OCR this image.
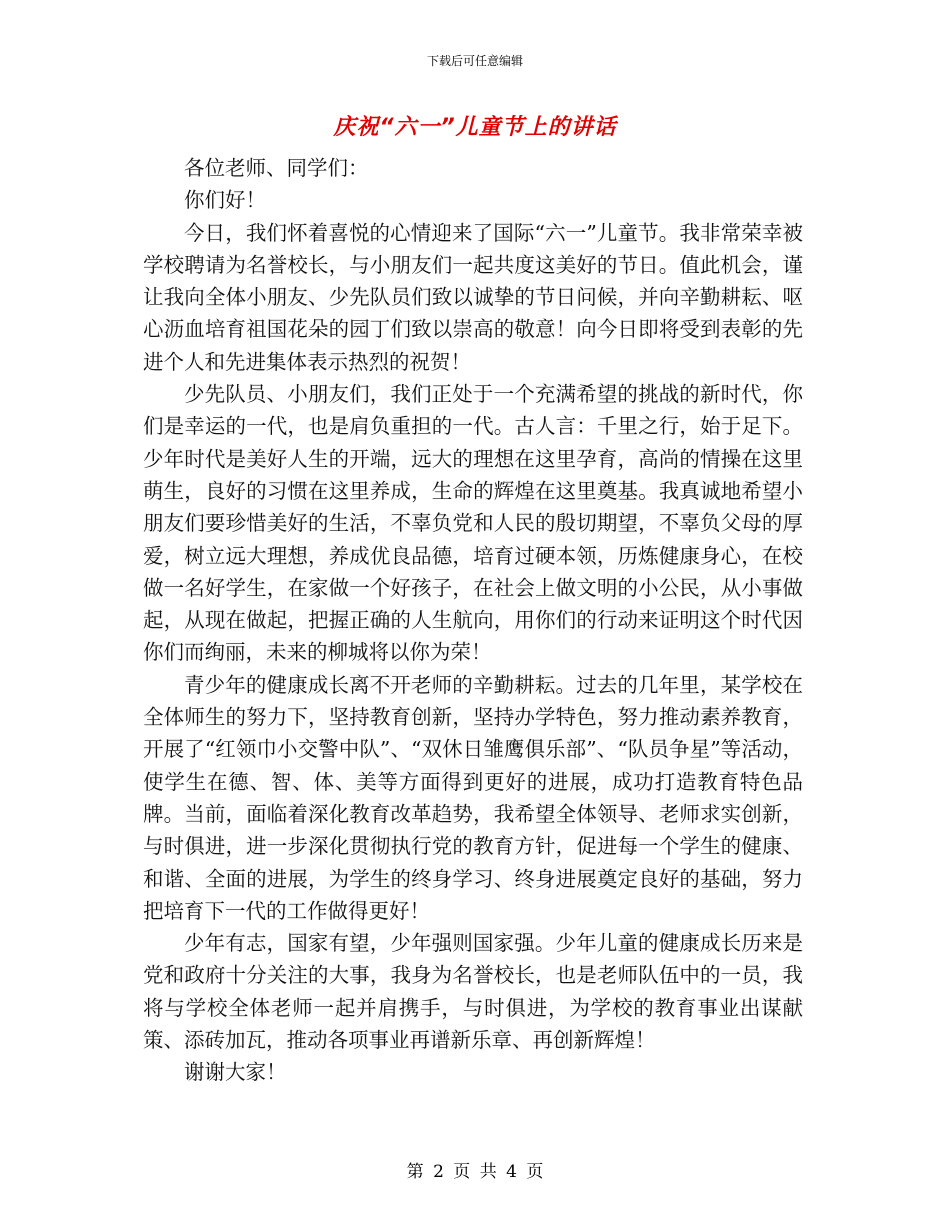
下载后可任意编辑
庆祝“六一”儿童节上的讲话

各位老师、同学们：

你们好！

今日，我们怀着喜悦的心情迎来了国际“六一”儿童节。我非常荣幸被学校聘请为名誉校长，与小朋友们一起共度这美好的节日。值此机会，谨让我向全体小朋友、少先队员们致以诚挚的节日问候，并向辛勤耕耘、呕心沥血培育祖国花朵的园丁们致以崇高的敬意！向今日即将受到表彰的先进个人和先进集体表示热烈的祝贺！

少先队员、小朋友们，我们正处于一个充满希望的挑战的新时代，你们是幸运的一代，也是肩负重担的一代。古人言：千里之行，始于足下。少年时代是美好人生的开端，远大的理想在这里孕育，高尚的情操在这里萌生，良好的习惯在这里养成，生命的辉煌在这里奠基。我真诚地希望小朋友们要珍惜美好的生活，不辜负党和人民的殷切期望，不辜负父母的厚爱，树立远大理想，养成优良品德，培育过硬本领，历炼健康身心，在校做一名好学生，在家做一个好孩子，在社会上做文明的小公民，从小事做起，从现在做起，把握正确的人生航向，用你们的行动来证明这个时代因你们而绚丽，未来的柳城将以你为荣！

青少年的健康成长离不开老师的辛勤耕耘。过去的几年里，某学校在全体师生的努力下，坚持教育创新，坚持办学特色，努力推动素养教育，开展了“红领巾小交警中队”、“双休日雏鹰俱乐部”、“队员争星”等活动，使学生在德、智、体、美等方面得到更好的进展，成功打造教育特色品牌。当前，面临着深化教育改革趋势，我希望全体领导、老师求实创新，与时俱进，进一步深化贯彻执行党的教育方针，促进每一个学生的健康、和谐、全面的进展，为学生的终身学习、终身进展奠定良好的基础，努力把培育下一代的工作做得更好！

少年有志，国家有望，少年强则国家强。少年儿童的健康成长历来是党和政府十分关注的大事，我身为名誉校长，也是老师队伍中的一员，我将与学校全体老师一起并肩携手，与时俱进，为学校的教育事业出谋献策、添砖加瓦，推动各项事业再谱新乐章、再创新辉煌！

谢谢大家！

第 2 页 共 4 页
